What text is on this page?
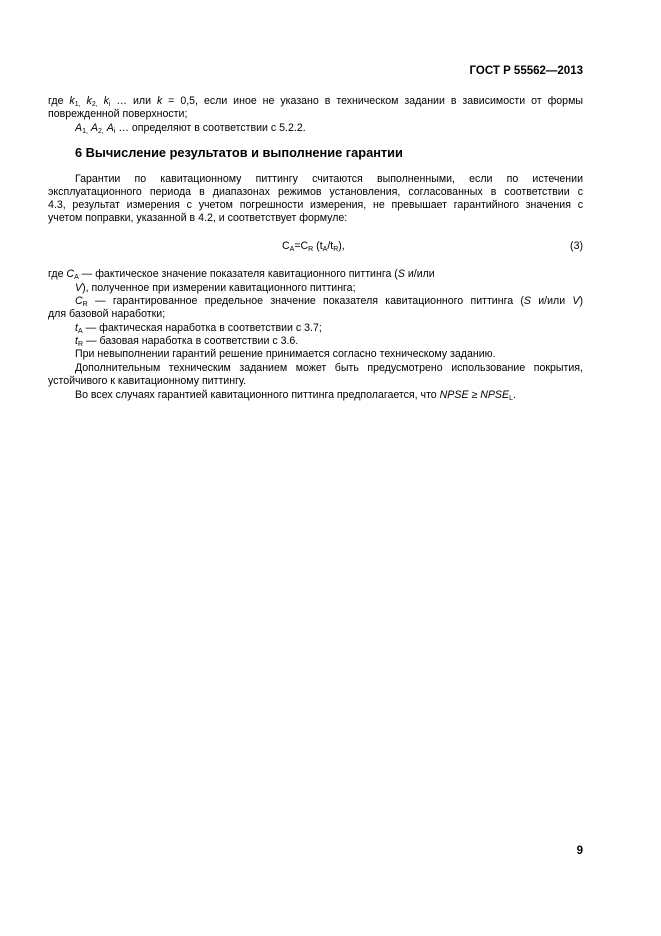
ГОСТ Р 55562—2013
где $k_{1,}$ $k_{2,}$ $k_i$ … или k = 0,5, если иное не указано в техническом задании в зависимости от формы
поврежденной поверхности;
$A_{1,}$ $A_{2,}$ $A_i$ … определяют в соответствии с 5.2.2.
6 Вычисление результатов и выполнение гарантии
Гарантии по кавитационному питтингу считаются выполненными, если по истечении
эксплуатационного периода в диапазонах режимов установления, согласованных в соответствии с
4.3, результат измерения с учетом погрешности измерения, не превышает гарантийного значения с
учетом поправки, указанной в 4.2, и соответствует формуле:
$C_A=C_R$ $(t_A/t_R)$,	(3)
где $C_A$ — фактическое значение показателя кавитационного питтинга (S и/или
V), полученное при измерении кавитационного питтинга;
$C_R$ — гарантированное предельное значение показателя кавитационного питтинга (S и/или V)
для базовой наработки;
$t_A$ — фактическая наработка в соответствии с 3.7;
$t_R$ — базовая наработка в соответствии с 3.6.
При невыполнении гарантий решение принимается согласно техническому заданию.
Дополнительным техническим заданием может быть предусмотрено использование покрытия,
устойчивого к кавитационному питтингу.
Во всех случаях гарантией кавитационного питтинга предполагается, что NPSE ≥ $NPSE_L$.
9
